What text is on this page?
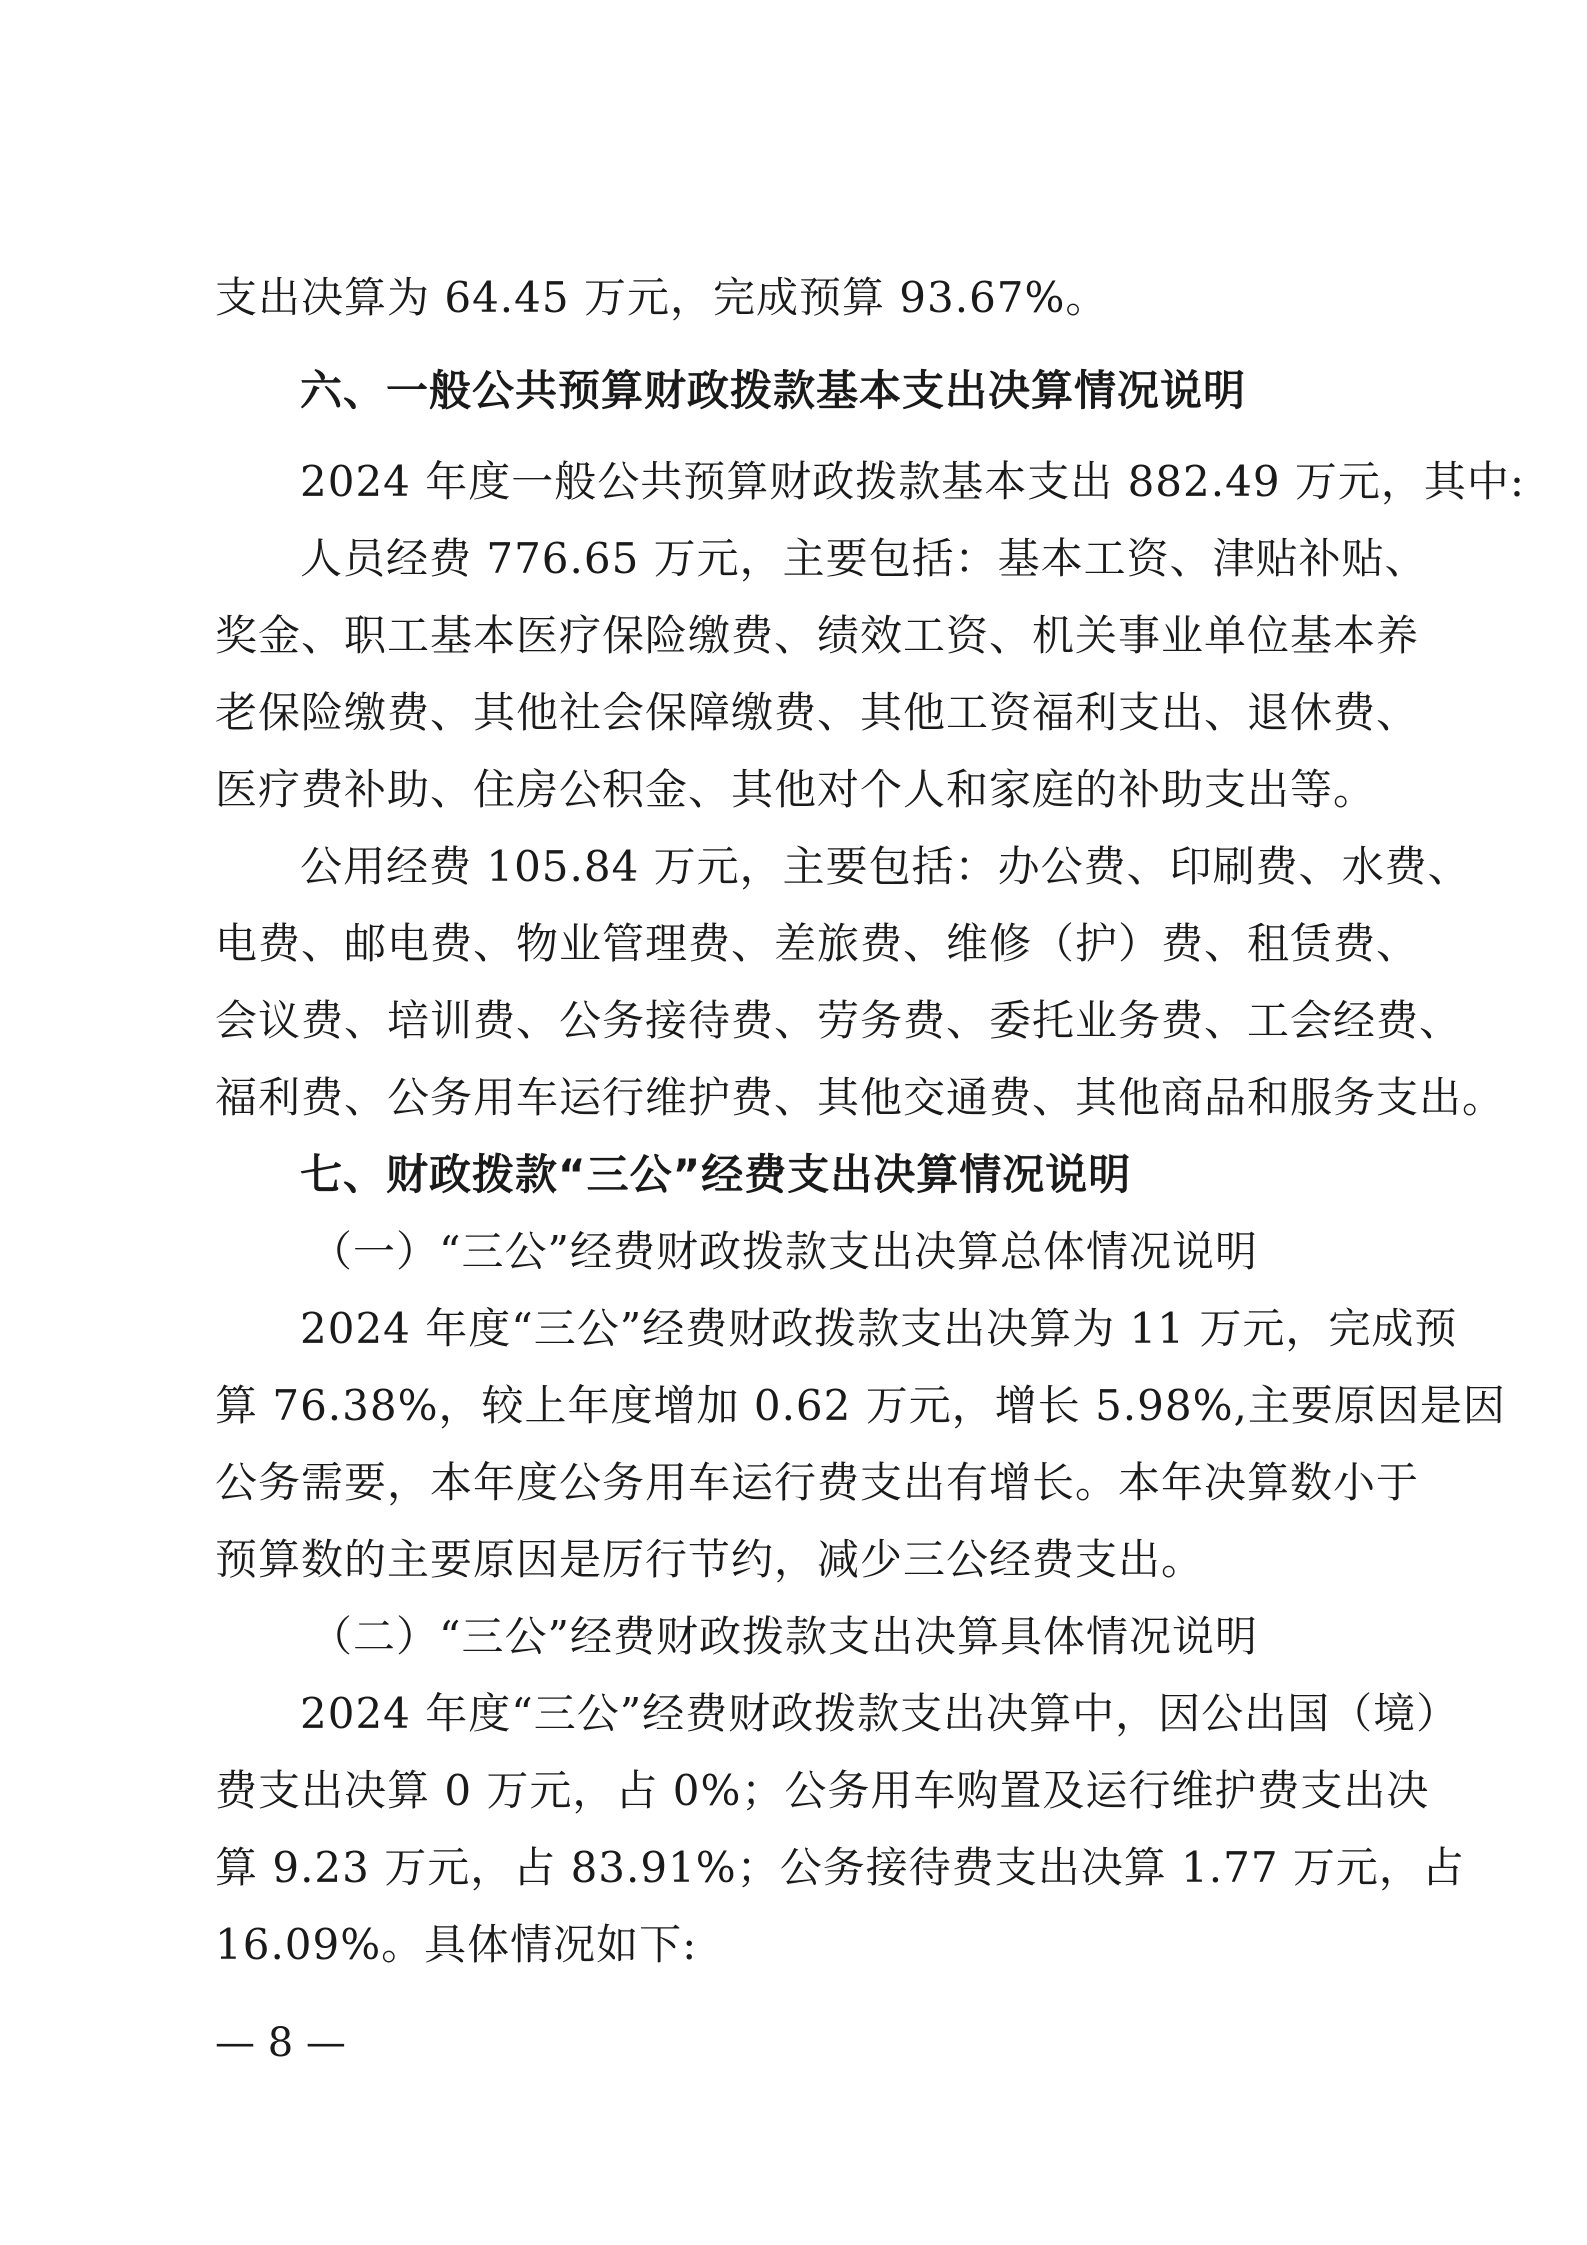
支出决算为 64.45 万元，完成预算 93.67%。
六、一般公共预算财政拨款基本支出决算情况说明
2024 年度一般公共预算财政拨款基本支出 882.49 万元，其中:
人员经费 776.65 万元，主要包括：基本工资、津贴补贴、
奖金、职工基本医疗保险缴费、绩效工资、机关事业单位基本养
老保险缴费、其他社会保障缴费、其他工资福利支出、退休费、
医疗费补助、住房公积金、其他对个人和家庭的补助支出等。
公用经费 105.84 万元，主要包括：办公费、印刷费、水费、
电费、邮电费、物业管理费、差旅费、维修（护）费、租赁费、
会议费、培训费、公务接待费、劳务费、委托业务费、工会经费、
福利费、公务用车运行维护费、其他交通费、其他商品和服务支出。
七、财政拨款“三公”经费支出决算情况说明
（一）“三公”经费财政拨款支出决算总体情况说明
2024 年度“三公”经费财政拨款支出决算为 11 万元，完成预
算 76.38%，较上年度增加 0.62 万元，增长 5.98%,主要原因是因
公务需要，本年度公务用车运行费支出有增长。本年决算数小于
预算数的主要原因是厉行节约，减少三公经费支出。
（二）“三公”经费财政拨款支出决算具体情况说明
2024 年度“三公”经费财政拨款支出决算中，因公出国（境）
费支出决算 0 万元，占 0%；公务用车购置及运行维护费支出决
算 9.23 万元，占 83.91%；公务接待费支出决算 1.77 万元，占
16.09%。具体情况如下:
— 8 —
